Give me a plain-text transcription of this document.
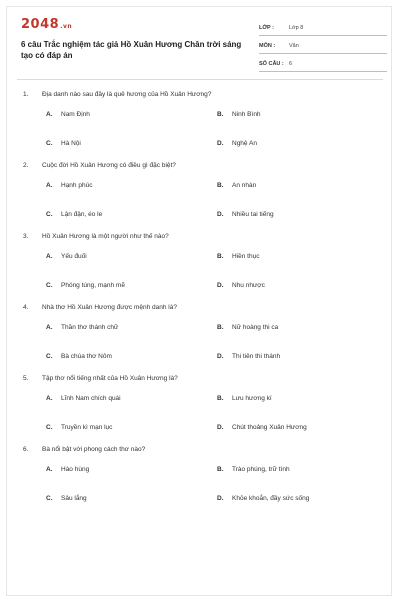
2048.vn
6 câu Trắc nghiệm tác giả Hồ Xuân Hương Chân trời sáng tạo có đáp án
LỚP :	Lớp 8
MÔN :	Văn
SỐ CÂU : 6
1.	Địa danh nào sau đây là quê hương của Hồ Xuân Hương?
A.	Nam Định	B.	Ninh Bình
C.	Hà Nội	D.	Nghệ An
2.	Cuộc đời Hồ Xuân Hương có điều gì đặc biệt?
A.	Hạnh phúc	B.	An nhàn
C.	Lận đận, éo le	D.	Nhiều tai tiếng
3.	Hồ Xuân Hương là một người như thế nào?
A.	Yếu đuối	B.	Hiền thục
C.	Phóng túng, mạnh mẽ	D.	Nhu nhược
4.	Nhà thơ Hồ Xuân Hương được mệnh danh là?
A.	Thần thơ thánh chữ	B.	Nữ hoàng thi ca
C.	Bà chúa thơ Nôm	D.	Thi tiên thi thánh
5.	Tập thơ nổi tiếng nhất của Hồ Xuân Hương là?
A.	Lĩnh Nam chích quái	B.	Lưu hương kí
C.	Truyền kì mạn lục	D.	Chút thoảng Xuân Hương
6.	Bà nổi bật với phong cách thơ nào?
A.	Hào hùng	B.	Trào phúng, trữ tình
C.	Sâu lắng	D.	Khỏe khoắn, đầy sức sống
